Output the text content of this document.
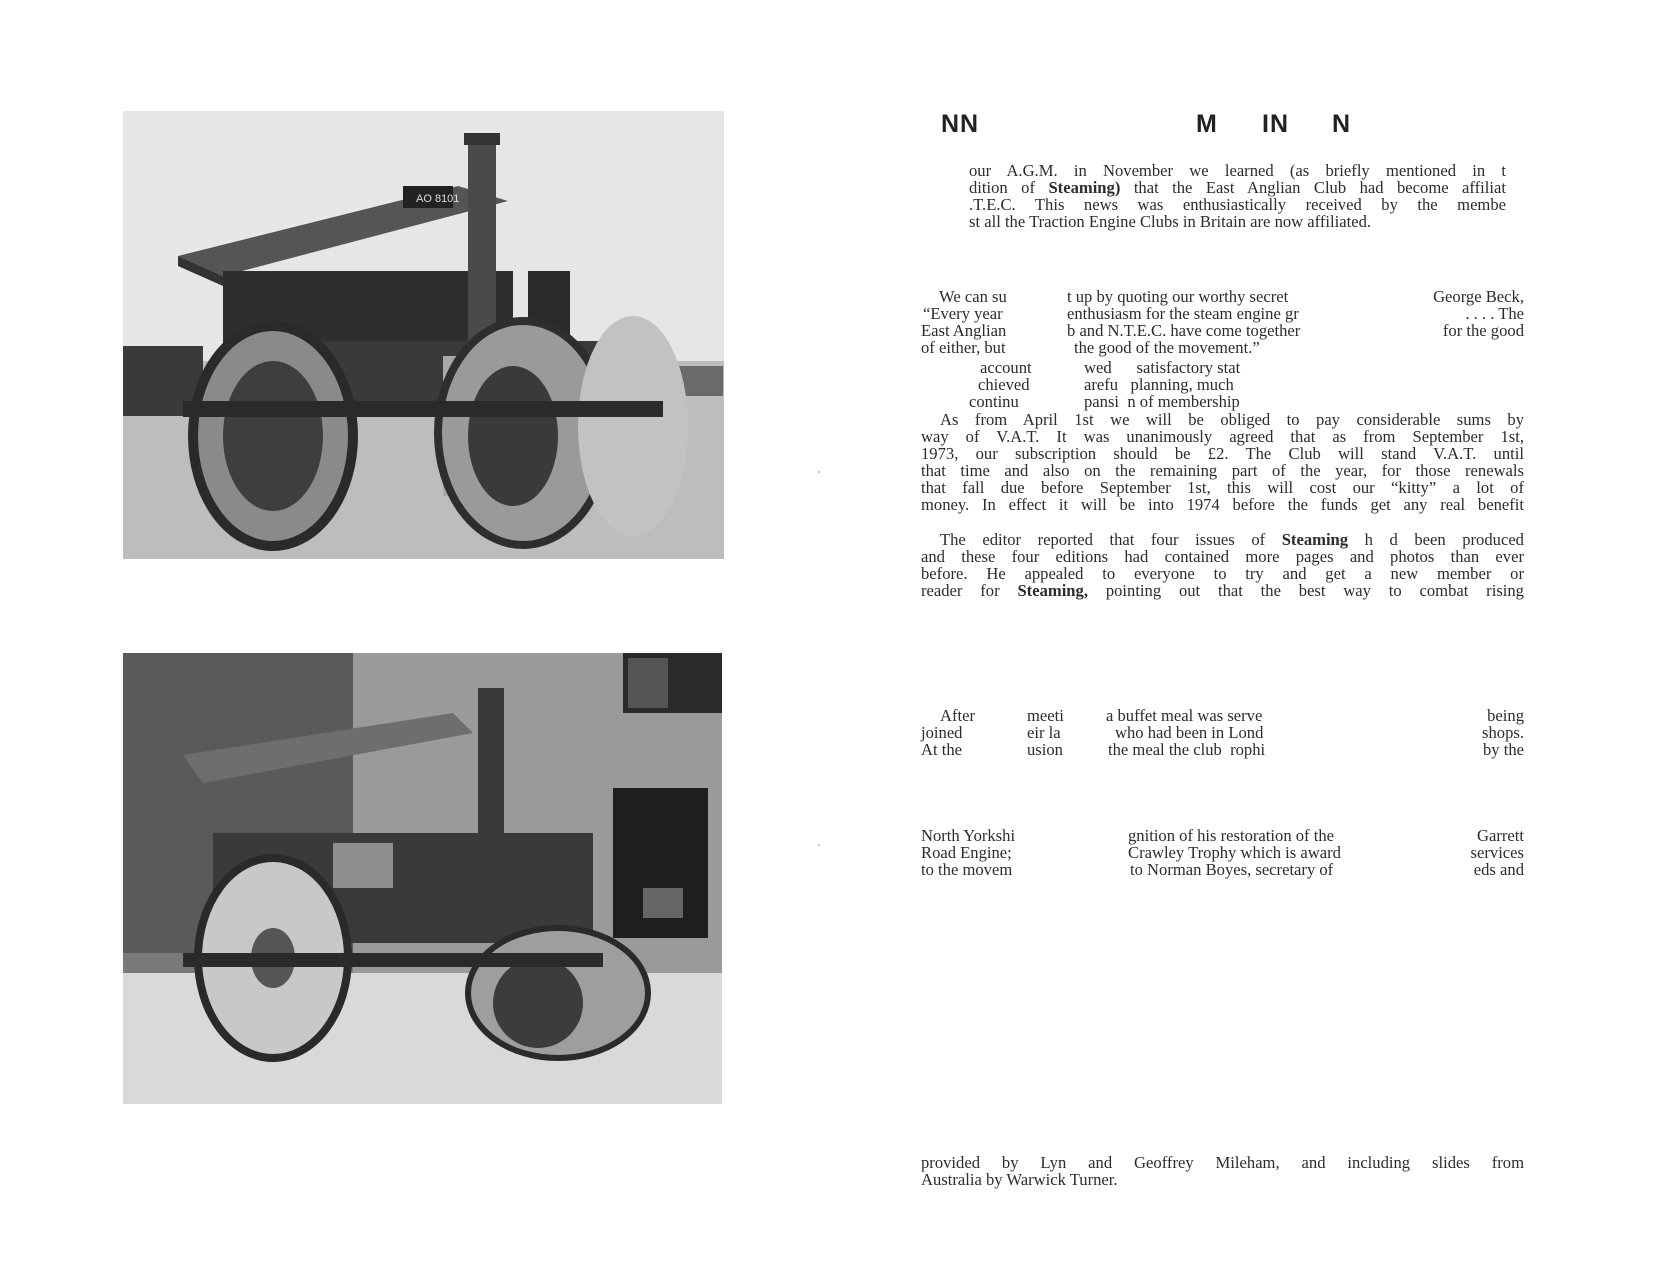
AO 8101
NN	M IN N
our A.G.M. in November we learned (as briefly mentioned in t
dition of Steaming) that the East Anglian Club had become affiliat
.T.E.C. This news was enthusiastically received by the membe
st all the Traction Engine Clubs in Britain are now affiliated.
We can su
“Every year
East Anglian
of either, but
t up by quoting our worthy secret
enthusiasm for the steam engine gr
b and N.T.E.C. have come together
the good of the movement.”
George Beck,
. . . . The
for the good
account
chieved
continu
wed      satisfactory stat
arefu   planning, much
pansi  n of membership
As from April 1st we will be obliged to pay considerable sums by
way of V.A.T. It was unanimously agreed that as from September 1st,
1973, our subscription should be £2. The Club will stand V.A.T. until
that time and also on the remaining part of the year, for those renewals
that fall due before September 1st, this will cost our “kitty” a lot of
money. In effect it will be into 1974 before the funds get any real benefit
The editor reported that four issues of Steaming h d been produced
and these four editions had contained more pages and photos than ever
before. He appealed to everyone to try and get a new member or
reader for Steaming, pointing out that the best way to combat rising
After
joined
At the
meeti
eir la
usion
a buffet meal was serve
who had been in Lond
the meal the club  rophi
being
shops.
by the
North Yorkshi
Road Engine;
to the movem
gnition of his restoration of the
Crawley Trophy which is award
to Norman Boyes, secretary of
Garrett
services
eds and
provided by Lyn and Geoffrey Mileham, and including slides from
Australia by Warwick Turner.
